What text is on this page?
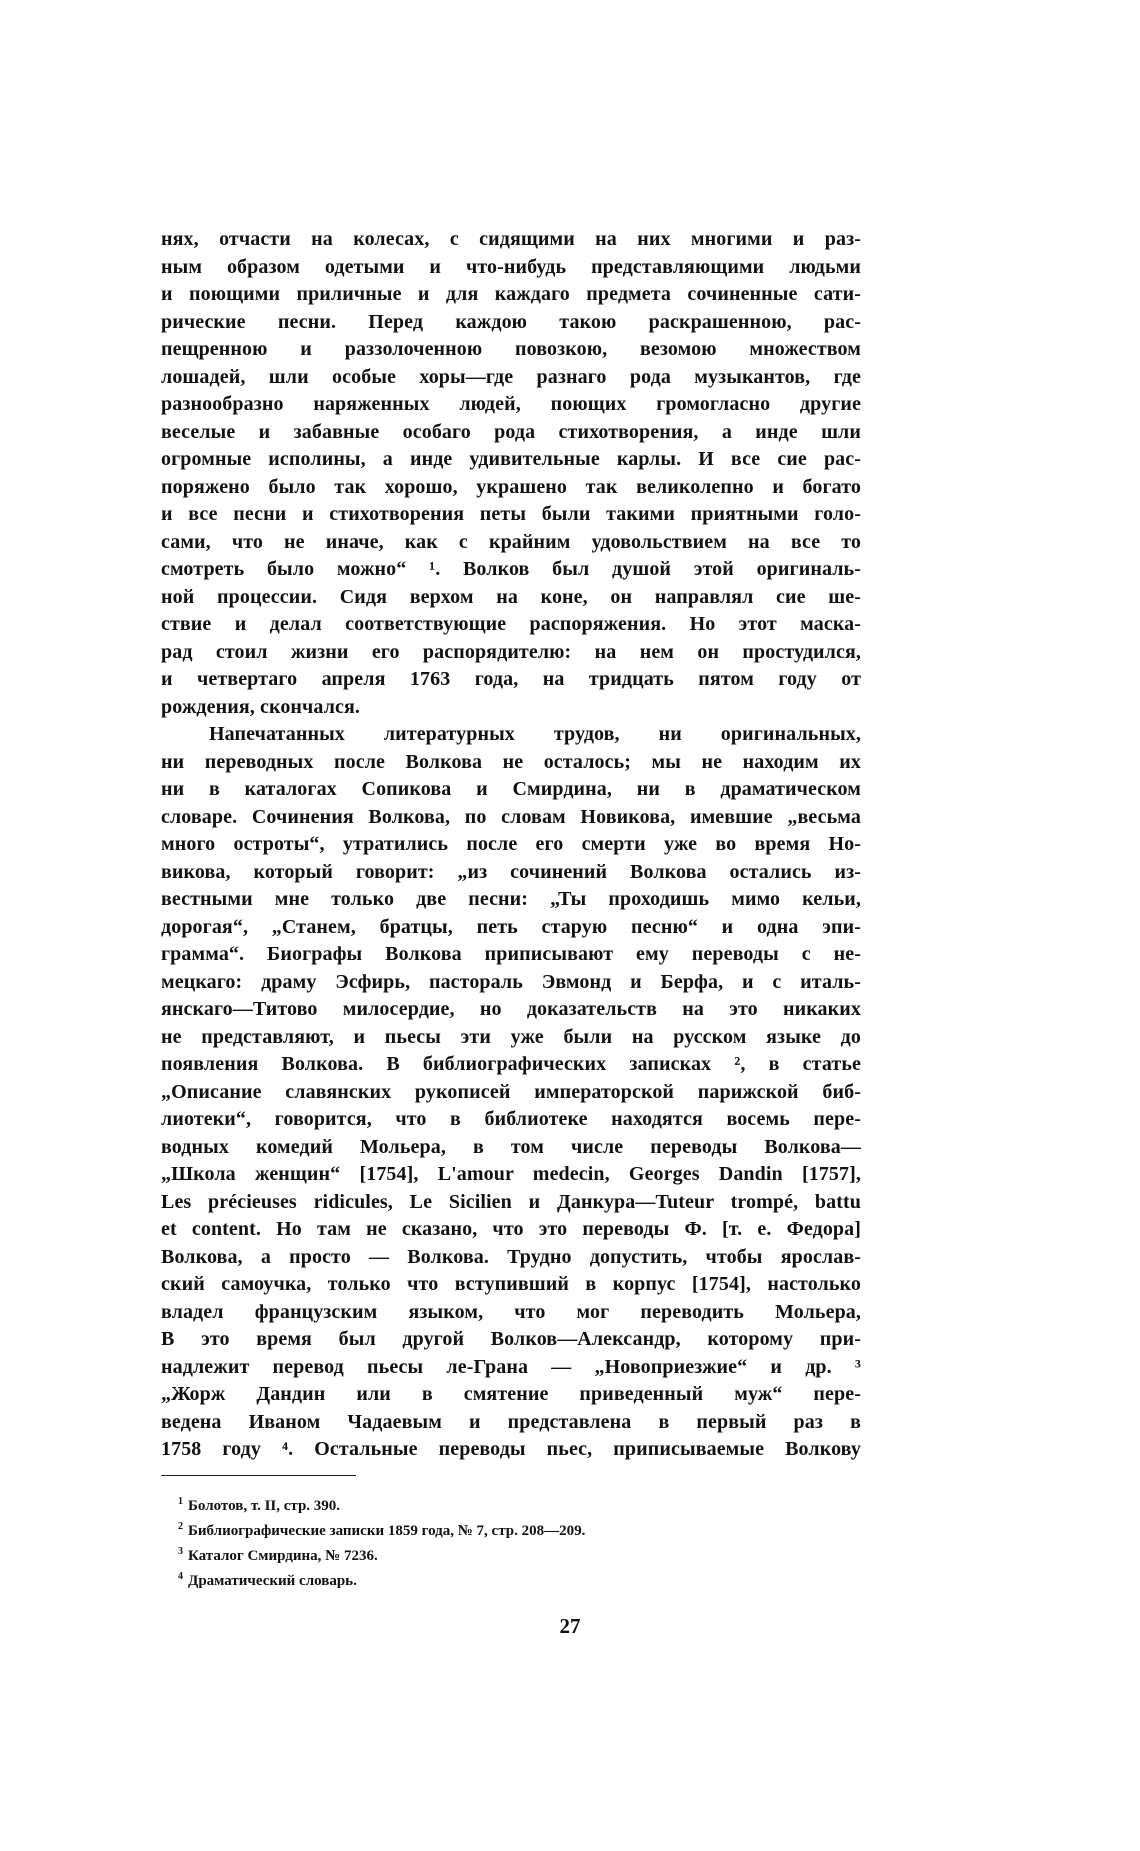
нях, отчасти на колесах, с сидящими на них многими и раз-
ным образом одетыми и что-нибудь представляющими людьми
и поющими приличные и для каждаго предмета сочиненные сати-
рические песни. Перед каждою такою раскрашенною, рас-
пещренною и раззолоченною повозкою, везомою множеством
лошадей, шли особые хоры—где разнаго рода музыкантов, где
разнообразно наряженных людей, поющих громогласно другие
веселые и забавные особаго рода стихотворения, а инде шли
огромные исполины, а инде удивительные карлы. И все сие рас-
поряжено было так хорошо, украшено так великолепно и богато
и все песни и стихотворения петы были такими приятными голо-
сами, что не иначе, как с крайним удовольствием на все то
смотреть было можно“ ¹. Волков был душой этой оригиналь-
ной процессии. Сидя верхом на коне, он направлял сие ше-
ствие и делал соответствующие распоряжения. Но этот маска-
рад стоил жизни его распорядителю: на нем он простудился,
и четвертаго апреля 1763 года, на тридцать пятом году от
рождения, скончался.
Напечатанных литературных трудов, ни оригинальных,
ни переводных после Волкова не осталось; мы не находим их
ни в каталогах Сопикова и Смирдина, ни в драматическом
словаре. Сочинения Волкова, по словам Новикова, имевшие „весьма
много остроты“, утратились после его смерти уже во время Но-
викова, который говорит: „из сочинений Волкова остались из-
вестными мне только две песни: „Ты проходишь мимо кельи,
дорогая“, „Станем, братцы, петь старую песню“ и одна эпи-
грамма“. Биографы Волкова приписывают ему переводы с не-
мецкаго: драму Эсфирь, пастораль Эвмонд и Берфа, и с италь-
янскаго—Титово милосердие, но доказательств на это никаких
не представляют, и пьесы эти уже были на русском языке до
появления Волкова. В библиографических записках ², в статье
„Описание славянских рукописей императорской парижской биб-
лиотеки“, говорится, что в библиотеке находятся восемь пере-
водных комедий Мольера, в том числе переводы Волкова—
„Школа женщин“ [1754], L'amour medecin, Georges Dandin [1757],
Les précieuses ridicules, Le Sicilien и Данкура—Tuteur trompé, battu
et content. Но там не сказано, что это переводы Ф. [т. е. Федора]
Волкова, а просто — Волкова. Трудно допустить, чтобы ярослав-
ский самоучка, только что вступивший в корпус [1754], настолько
владел французским языком, что мог переводить Мольера,
В это время был другой Волков—Александр, которому при-
надлежит перевод пьесы ле-Грана — „Новоприезжие“ и др. ³
„Жорж Дандин или в смятение приведенный муж“ пере-
ведена Иваном Чадаевым и представлена в первый раз в
1758 году ⁴. Остальные переводы пьес, приписываемые Волкову
$^1$ Болотов, т. II, стр. 390.
$^2$ Библиографические записки 1859 года, № 7, стр. 208—209.
$^3$ Каталог Смирдина, № 7236.
$^4$ Драматический словарь.
27
